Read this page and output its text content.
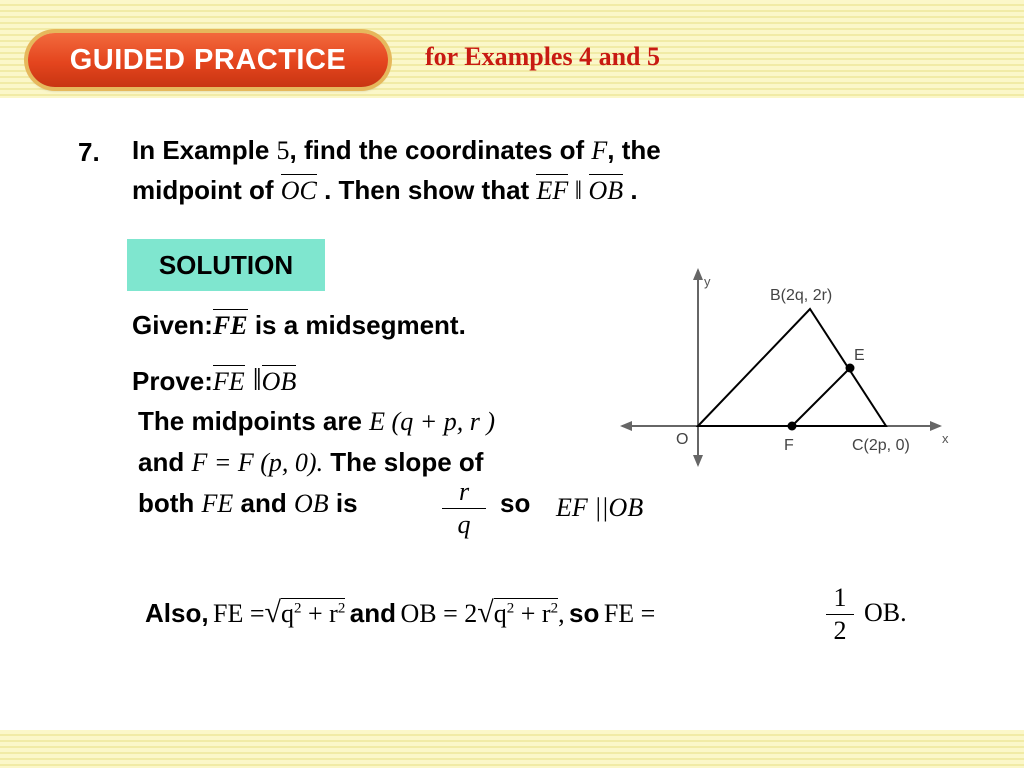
GUIDED PRACTICE	for Examples 4 and 5
7. In Example 5, find the coordinates of F, the
midpoint of OC . Then show that EF ‖ OB .
SOLUTION
Given:FE is a midsegment.
Prove:FE ‖OB
The midpoints are E (q + p, r )
and F = F (p, 0). The slope of
both FE and OB is	r
q
so EF ||OB
Also, FE $=√q^2 + r^2$ and OB = $2√q^2 + r^2$, so FE =
1
2
OB.
y
x
O
B(2q, 2r)
E
F	C(2p, 0)
